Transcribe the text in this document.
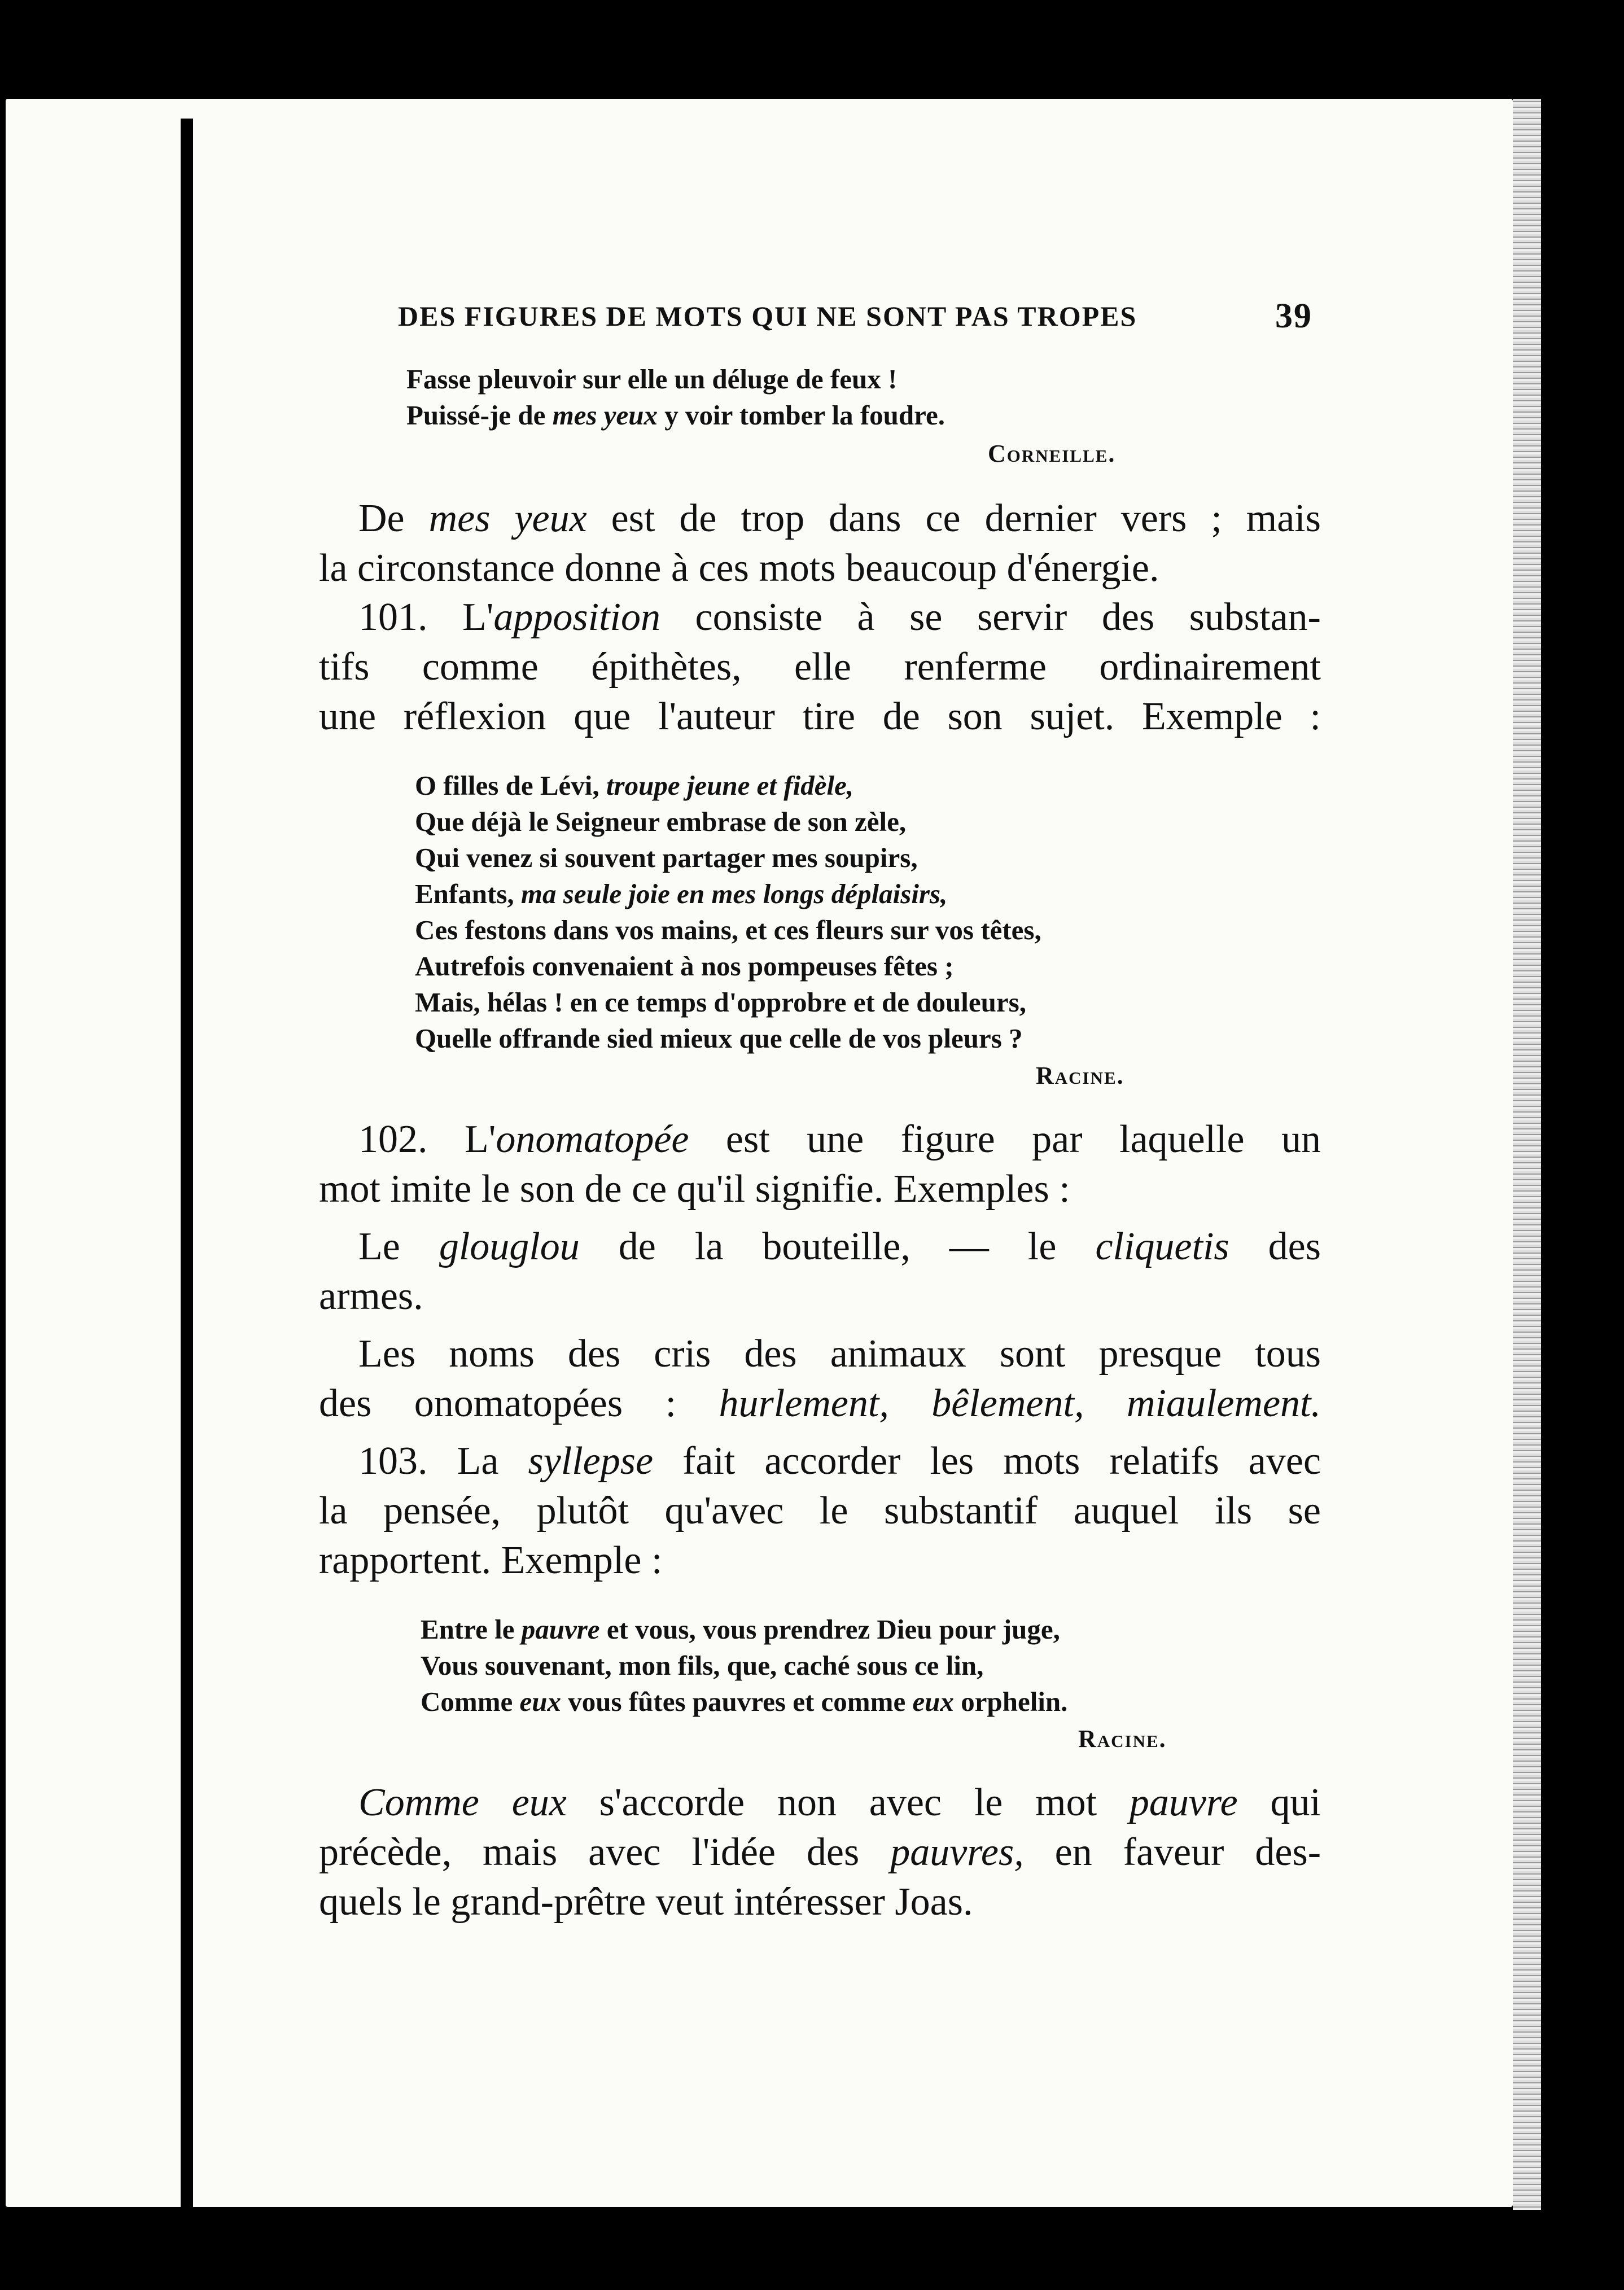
DES FIGURES DE MOTS QUI NE SONT PAS TROPES	39
Fasse pleuvoir sur elle un déluge de feux !
Puissé-je de mes yeux y voir tomber la foudre.
Corneille.
De mes yeux est de trop dans ce dernier vers ; mais
la circonstance donne à ces mots beaucoup d'énergie.
101. L'apposition consiste à se servir des substan-
tifs comme épithètes, elle renferme ordinairement
une réflexion que l'auteur tire de son sujet. Exemple :
O filles de Lévi, troupe jeune et fidèle,
Que déjà le Seigneur embrase de son zèle,
Qui venez si souvent partager mes soupirs,
Enfants, ma seule joie en mes longs déplaisirs,
Ces festons dans vos mains, et ces fleurs sur vos têtes,
Autrefois convenaient à nos pompeuses fêtes ;
Mais, hélas ! en ce temps d'opprobre et de douleurs,
Quelle offrande sied mieux que celle de vos pleurs ?
Racine.
102. L'onomatopée est une figure par laquelle un
mot imite le son de ce qu'il signifie. Exemples :
Le glouglou de la bouteille, — le cliquetis des
armes.
Les noms des cris des animaux sont presque tous
des onomatopées : hurlement, bêlement, miaulement.
103. La syllepse fait accorder les mots relatifs avec
la pensée, plutôt qu'avec le substantif auquel ils se
rapportent. Exemple :
Entre le pauvre et vous, vous prendrez Dieu pour juge,
Vous souvenant, mon fils, que, caché sous ce lin,
Comme eux vous fûtes pauvres et comme eux orphelin.
Racine.
Comme eux s'accorde non avec le mot pauvre qui
précède, mais avec l'idée des pauvres, en faveur des-
quels le grand-prêtre veut intéresser Joas.
